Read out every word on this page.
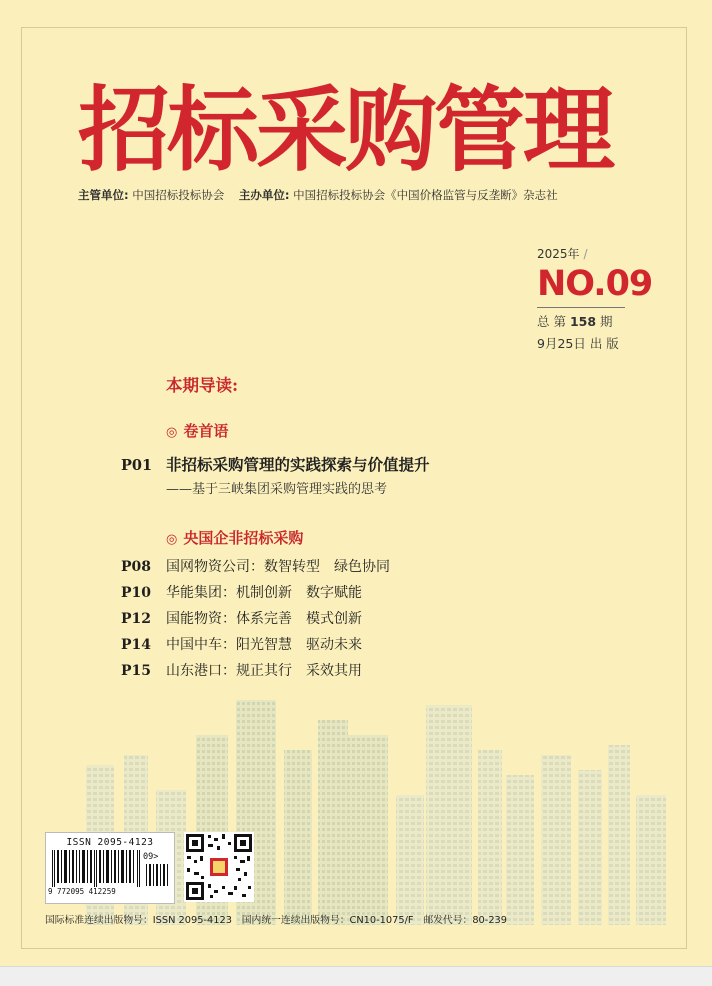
招标采购管理
主管单位: 中国招标投标协会 主办单位: 中国招标投标协会《中国价格监管与反垄断》杂志社
2025年 /
NO.09
总 第 158 期
9月25日 出 版
本期导读:
◎ 卷首语
P01 非招标采购管理的实践探索与价值提升
——基于三峡集团采购管理实践的思考
◎ 央国企非招标采购
P08 国网物资公司：数智转型　绿色协同
P10 华能集团：机制创新　数字赋能
P12 国能物资：体系完善　模式创新
P14 中国中车：阳光智慧　驱动未来
P15 山东港口：规正其行　采效其用
ISSN 2095-4123
09>
9 772095 412259
国际标准连续出版物号：ISSN 2095-4123　国内统一连续出版物号：CN10-1075/F　邮发代号：80-239
